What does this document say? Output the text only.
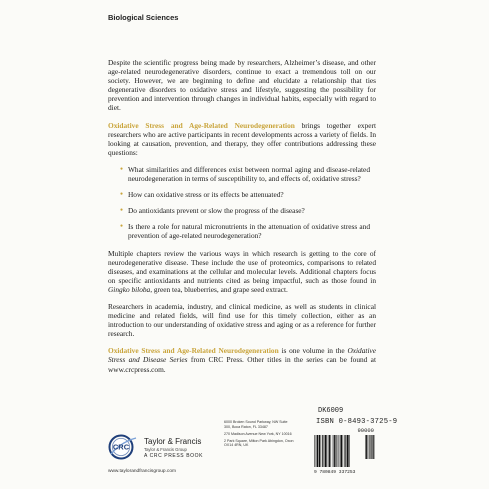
Biological Sciences

Despite the scientific progress being made by researchers, Alzheimer’s disease, and other age-related neurodegenerative disorders, continue to exact a tremendous toll on our society. However, we are beginning to define and elucidate a relationship that ties degenerative disorders to oxidative stress and lifestyle, suggesting the possibility for prevention and intervention through changes in individual habits, especially with regard to diet.

Oxidative Stress and Age-Related Neurodegeneration brings together expert researchers who are active participants in recent developments across a variety of fields. In looking at causation, prevention, and therapy, they offer contributions addressing these questions:

● What similarities and differences exist between normal aging and disease-related neurodegeneration in terms of susceptibility to, and effects of, oxidative stress?
● How can oxidative stress or its effects be attenuated?
● Do antioxidants prevent or slow the progress of the disease?
● Is there a role for natural micronutrients in the attenuation of oxidative stress and prevention of age-related neurodegeneration?

Multiple chapters review the various ways in which research is getting to the core of neurodegenerative disease. These include the use of proteomics, comparisons to related diseases, and examinations at the cellular and molecular levels. Additional chapters focus on specific antioxidants and nutrients cited as being impactful, such as those found in Gingko biloba, green tea, blueberries, and grape seed extract.

Researchers in academia, industry, and clinical medicine, as well as students in clinical medicine and related fields, will find use for this timely collection, either as an introduction to our understanding of oxidative stress and aging or as a reference for further research.

Oxidative Stress and Age-Related Neurodegeneration is one volume in the Oxidative Stress and Disease Series from CRC Press. Other titles in the series can be found at www.crcpress.com.

DK6009
ISBN 0-8493-3725-9
90000
9 780849 337253
CRC
Taylor & Francis
Taylor & Francis Group
A CRC PRESS BOOK
www.taylorandfrancisgroup.com
6000 Broken Sound Parkway, NW Suite 300, Boca Raton, FL 33487
270 Madison Avenue New York, NY 10016
2 Park Square, Milton Park Abingdon, Oxon OX14 4RN, UK
